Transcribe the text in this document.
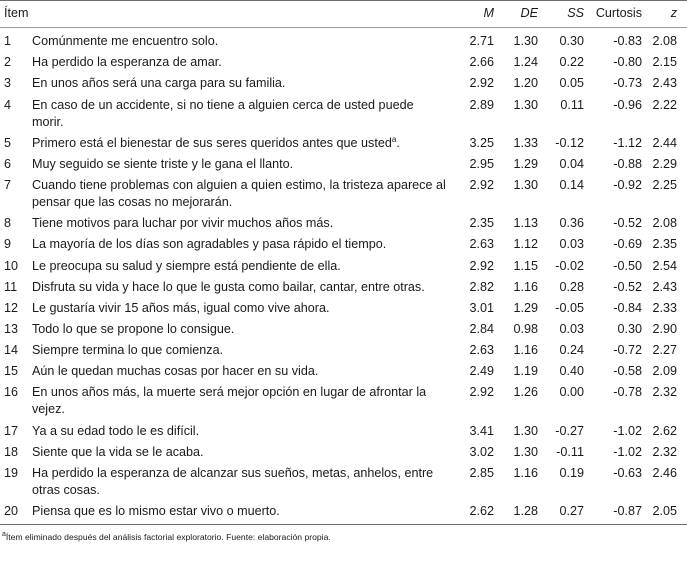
Ítem		M	DE	SS	Curtosis	z
1	Comúnmente me encuentro solo.	2.71	1.30	0.30	-0.83	2.08
2	Ha perdido la esperanza de amar.	2.66	1.24	0.22	-0.80	2.15
3	En unos años será una carga para su familia.	2.92	1.20	0.05	-0.73	2.43
4	En caso de un accidente, si no tiene a alguien cerca de usted puede morir.	2.89	1.30	0.11	-0.96	2.22
5	Primero está el bienestar de sus seres queridos antes que usted$^a$.	3.25	1.33	-0.12	-1.12	2.44
6	Muy seguido se siente triste y le gana el llanto.	2.95	1.29	0.04	-0.88	2.29
7	Cuando tiene problemas con alguien a quien estimo, la tristeza aparece al pensar que las cosas no mejorarán.	2.92	1.30	0.14	-0.92	2.25
8	Tiene motivos para luchar por vivir muchos años más.	2.35	1.13	0.36	-0.52	2.08
9	La mayoría de los días son agradables y pasa rápido el tiempo.	2.63	1.12	0.03	-0.69	2.35
10	Le preocupa su salud y siempre está pendiente de ella.	2.92	1.15	-0.02	-0.50	2.54
11	Disfruta su vida y hace lo que le gusta como bailar, cantar, entre otras.	2.82	1.16	0.28	-0.52	2.43
12	Le gustaría vivir 15 años más, igual como vive ahora.	3.01	1.29	-0.05	-0.84	2.33
13	Todo lo que se propone lo consigue.	2.84	0.98	0.03	0.30	2.90
14	Siempre termina lo que comienza.	2.63	1.16	0.24	-0.72	2.27
15	Aún le quedan muchas cosas por hacer en su vida.	2.49	1.19	0.40	-0.58	2.09
16	En unos años más, la muerte será mejor opción en lugar de afrontar la vejez.	2.92	1.26	0.00	-0.78	2.32
17	Ya a su edad todo le es difícil.	3.41	1.30	-0.27	-1.02	2.62
18	Siente que la vida se le acaba.	3.02	1.30	-0.11	-1.02	2.32
19	Ha perdido la esperanza de alcanzar sus sueños, metas, anhelos, entre otras cosas.	2.85	1.16	0.19	-0.63	2.46
20	Piensa que es lo mismo estar vivo o muerto.	2.62	1.28	0.27	-0.87	2.05
$^a$Ítem eliminado después del análisis factorial exploratorio. Fuente: elaboración propia.
